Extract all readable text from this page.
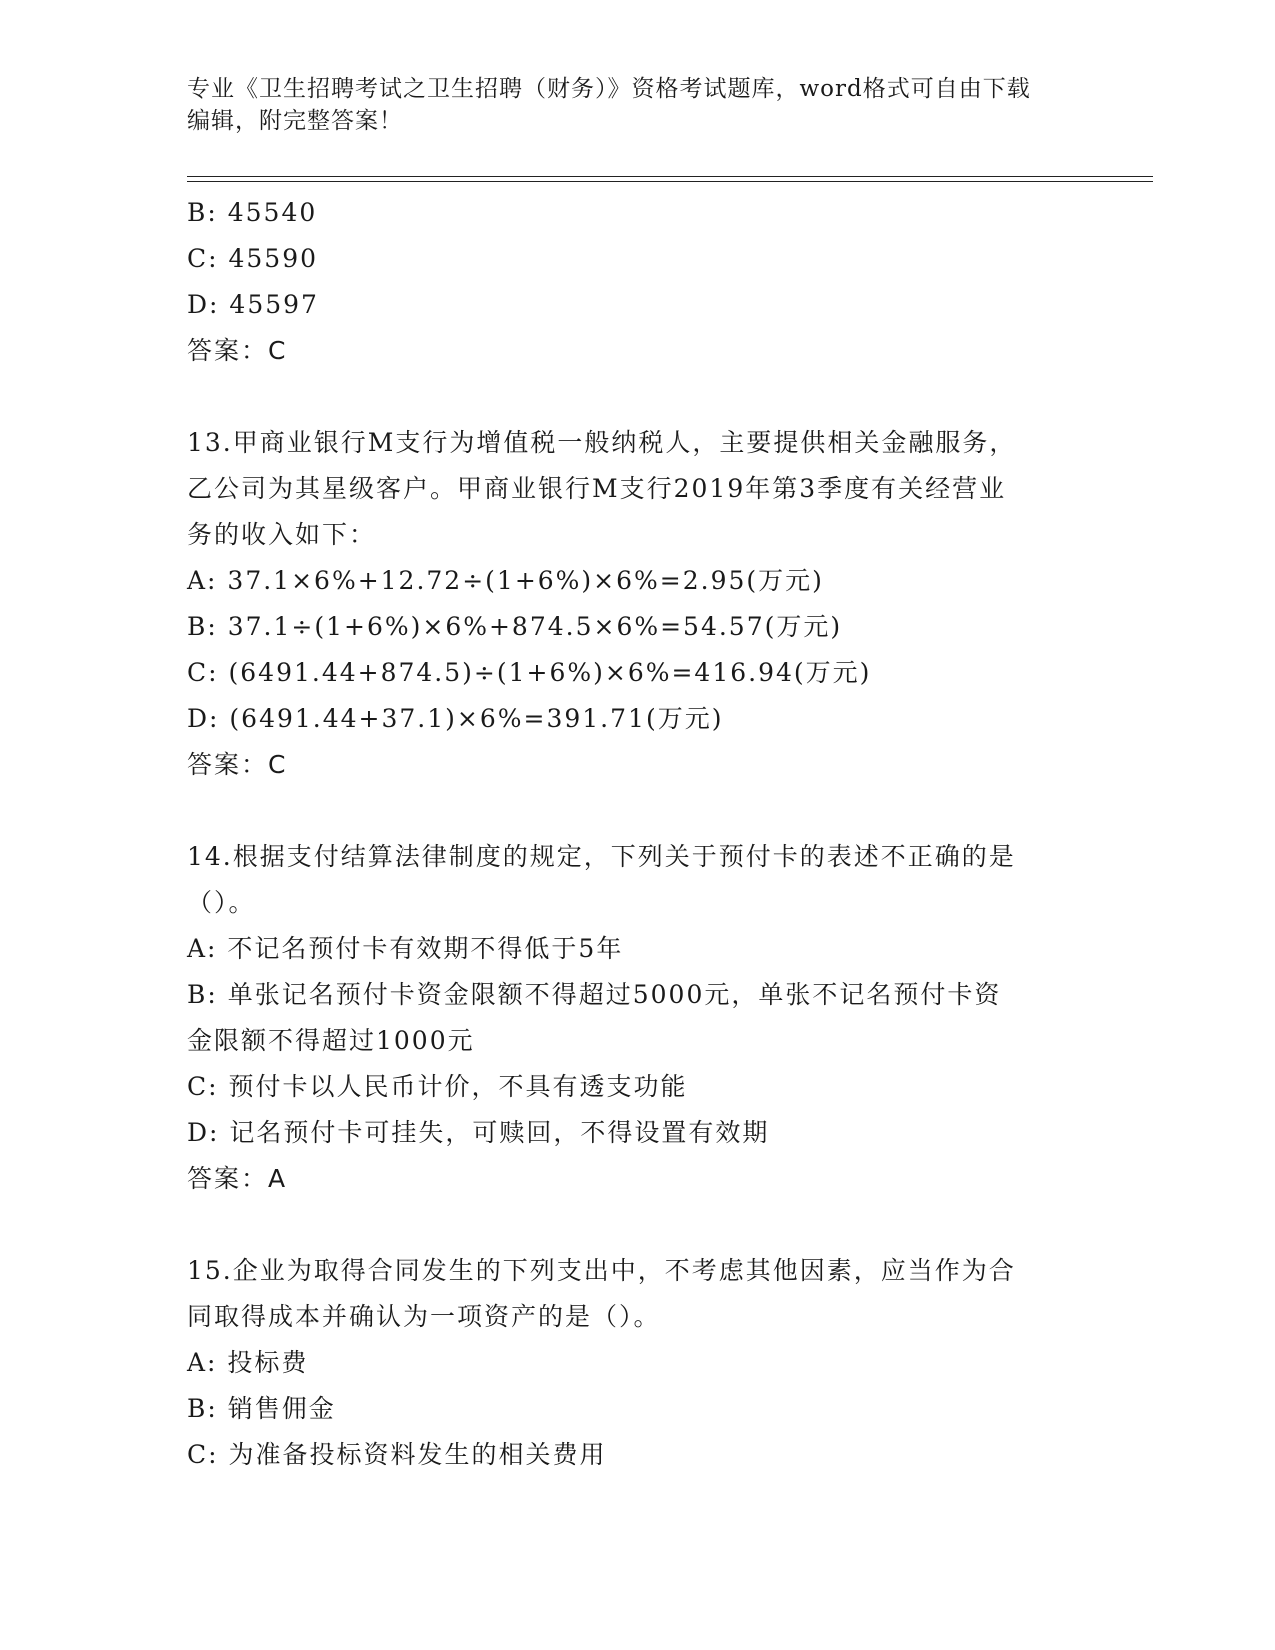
专业《卫生招聘考试之卫生招聘（财务）》资格考试题库，word格式可自由下载
编辑，附完整答案！
B: 45540
C: 45590
D: 45597
答案：C
13.甲商业银行M支行为增值税一般纳税人，主要提供相关金融服务，
乙公司为其星级客户。甲商业银行M支行2019年第3季度有关经营业
务的收入如下：
A: 37.1×6%+12.72÷(1+6%)×6%=2.95(万元)
B: 37.1÷(1+6%)×6%+874.5×6%=54.57(万元)
C: (6491.44+874.5)÷(1+6%)×6%=416.94(万元)
D: (6491.44+37.1)×6%=391.71(万元)
答案：C
14.根据支付结算法律制度的规定，下列关于预付卡的表述不正确的是
（）。
A: 不记名预付卡有效期不得低于5年
B: 单张记名预付卡资金限额不得超过5000元，单张不记名预付卡资
金限额不得超过1000元
C: 预付卡以人民币计价，不具有透支功能
D: 记名预付卡可挂失，可赎回，不得设置有效期
答案：A
15.企业为取得合同发生的下列支出中，不考虑其他因素，应当作为合
同取得成本并确认为一项资产的是（）。
A: 投标费
B: 销售佣金
C: 为准备投标资料发生的相关费用
